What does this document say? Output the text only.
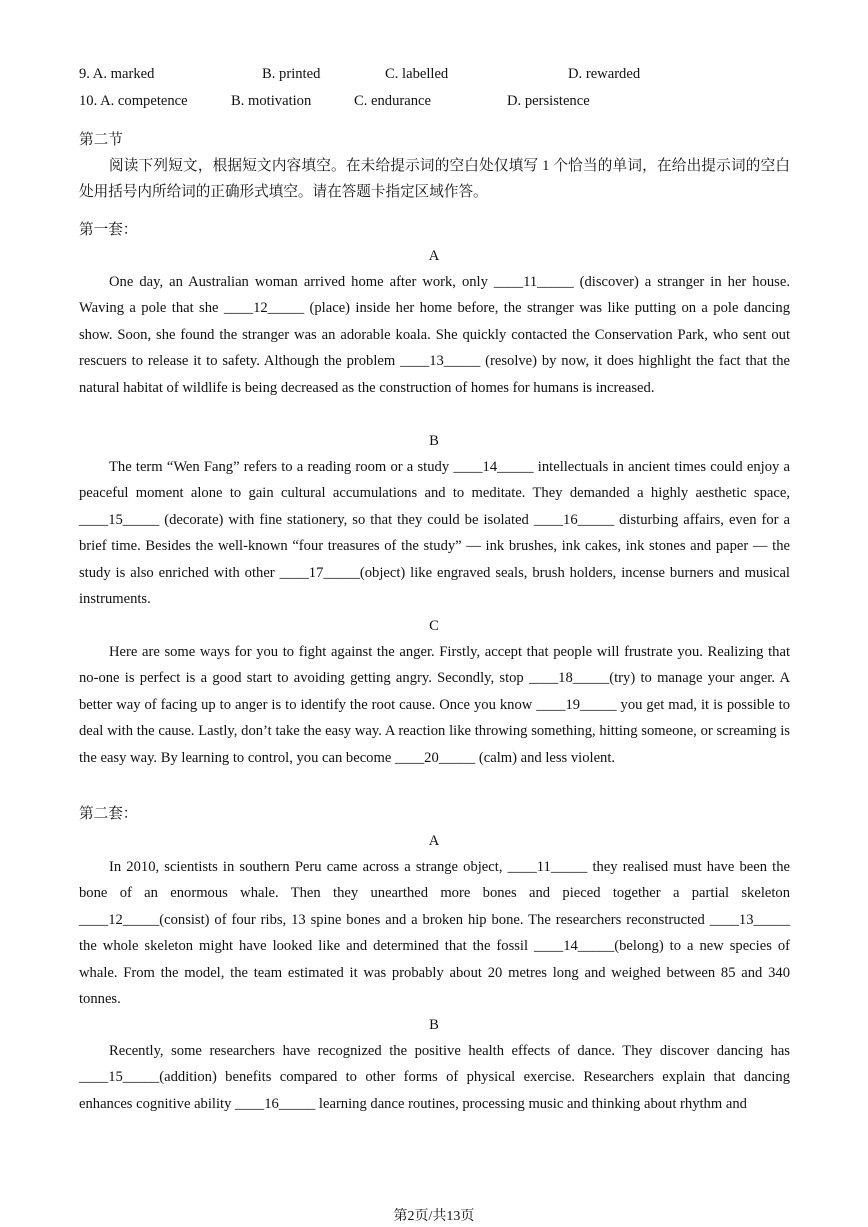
9. A. marked	B. printed	C. labelled	D. rewarded
10. A. competence	B. motivation	C. endurance	D. persistence
第二节
阅读下列短文，根据短文内容填空。在未给提示词的空白处仅填写 1 个恰当的单词，在给出提示词的空白处用括号内所给词的正确形式填空。请在答题卡指定区域作答。
第一套：
A
One day, an Australian woman arrived home after work, only ____11_____ (discover) a stranger in her house. Waving a pole that she ____12_____ (place) inside her home before, the stranger was like putting on a pole dancing show. Soon, she found the stranger was an adorable koala. She quickly contacted the Conservation Park, who sent out rescuers to release it to safety. Although the problem ____13_____ (resolve) by now, it does highlight the fact that the natural habitat of wildlife is being decreased as the construction of homes for humans is increased.
B
The term “Wen Fang” refers to a reading room or a study ____14_____ intellectuals in ancient times could enjoy a peaceful moment alone to gain cultural accumulations and to meditate. They demanded a highly aesthetic space, ____15_____ (decorate) with fine stationery, so that they could be isolated ____16_____ disturbing affairs, even for a brief time. Besides the well-known “four treasures of the study” — ink brushes, ink cakes, ink stones and paper — the study is also enriched with other ____17_____(object) like engraved seals, brush holders, incense burners and musical instruments.
C
Here are some ways for you to fight against the anger. Firstly, accept that people will frustrate you. Realizing that no-one is perfect is a good start to avoiding getting angry. Secondly, stop ____18_____(try) to manage your anger. A better way of facing up to anger is to identify the root cause. Once you know ____19_____ you get mad, it is possible to deal with the cause. Lastly, don’t take the easy way. A reaction like throwing something, hitting someone, or screaming is the easy way. By learning to control, you can become ____20_____ (calm) and less violent.
第二套：
A
In 2010, scientists in southern Peru came across a strange object, ____11_____ they realised must have been the bone of an enormous whale. Then they unearthed more bones and pieced together a partial skeleton ____12_____(consist) of four ribs, 13 spine bones and a broken hip bone. The researchers reconstructed ____13_____ the whole skeleton might have looked like and determined that the fossil ____14_____(belong) to a new species of whale. From the model, the team estimated it was probably about 20 metres long and weighed between 85 and 340 tonnes.
B
Recently, some researchers have recognized the positive health effects of dance. They discover dancing has ____15_____(addition) benefits compared to other forms of physical exercise. Researchers explain that dancing enhances cognitive ability ____16_____ learning dance routines, processing music and thinking about rhythm and
第2页/共13页
